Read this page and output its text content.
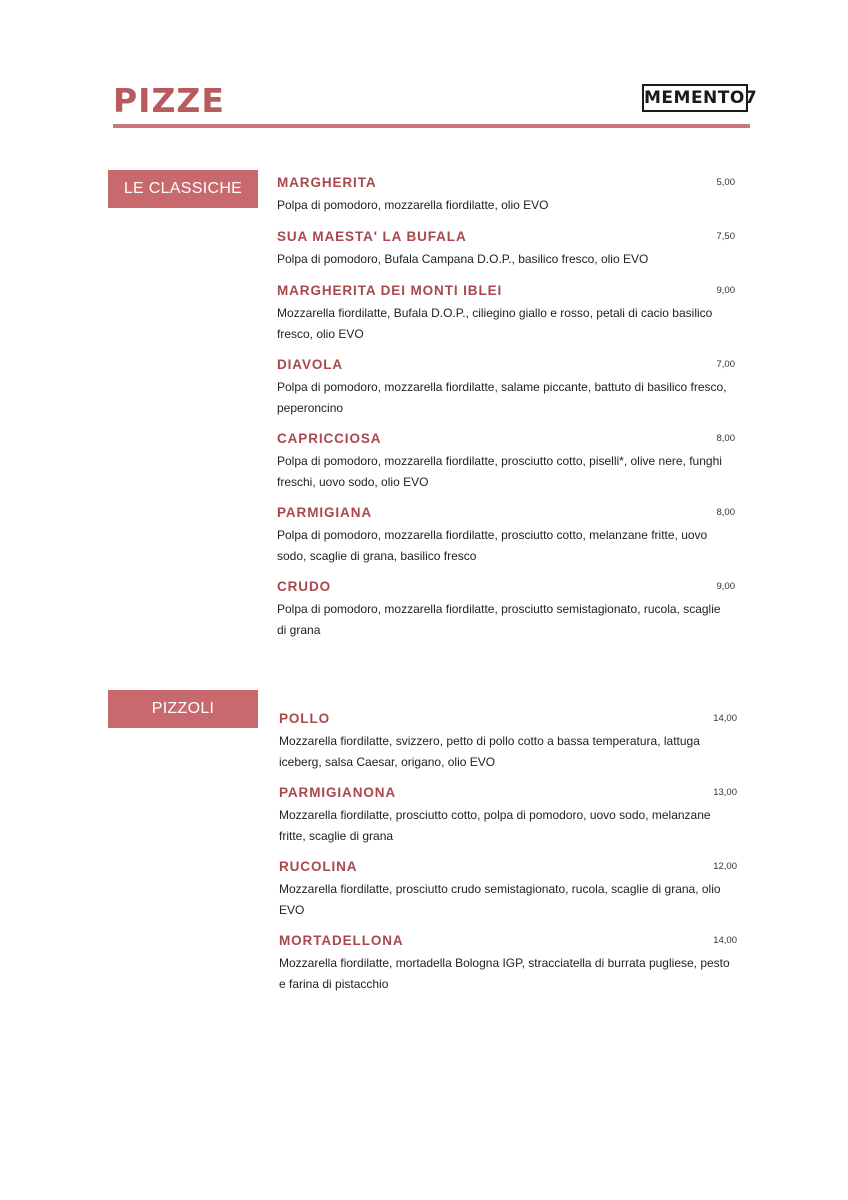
PIZZE	MEMENTO7
LE CLASSICHE	MARGHERITA	5,00
Polpa di pomodoro, mozzarella fiordilatte, olio EVO
SUA MAESTA' LA BUFALA	7,50
Polpa di pomodoro, Bufala Campana D.O.P., basilico fresco, olio EVO
MARGHERITA DEI MONTI IBLEI	9,00
Mozzarella fiordilatte, Bufala D.O.P., ciliegino giallo e rosso, petali di cacio basilico fresco, olio EVO
DIAVOLA	7,00
Polpa di pomodoro, mozzarella fiordilatte, salame piccante, battuto di basilico fresco, peperoncino
CAPRICCIOSA	8,00
Polpa di pomodoro, mozzarella fiordilatte, prosciutto cotto, piselli*, olive nere, funghi freschi, uovo sodo, olio EVO
PARMIGIANA	8,00
Polpa di pomodoro, mozzarella fiordilatte, prosciutto cotto, melanzane fritte, uovo sodo, scaglie di grana, basilico fresco
CRUDO	9,00
Polpa di pomodoro, mozzarella fiordilatte, prosciutto semistagionato, rucola, scaglie di grana
PIZZOLI
POLLO	14,00
Mozzarella fiordilatte, svizzero, petto di pollo cotto a bassa temperatura, lattuga iceberg, salsa Caesar, origano, olio EVO
PARMIGIANONA	13,00
Mozzarella fiordilatte, prosciutto cotto, polpa di pomodoro, uovo sodo, melanzane fritte, scaglie di grana
RUCOLINA	12,00
Mozzarella fiordilatte, prosciutto crudo semistagionato, rucola, scaglie di grana, olio EVO
MORTADELLONA	14,00
Mozzarella fiordilatte, mortadella Bologna IGP, stracciatella di burrata pugliese, pesto e farina di pistacchio
